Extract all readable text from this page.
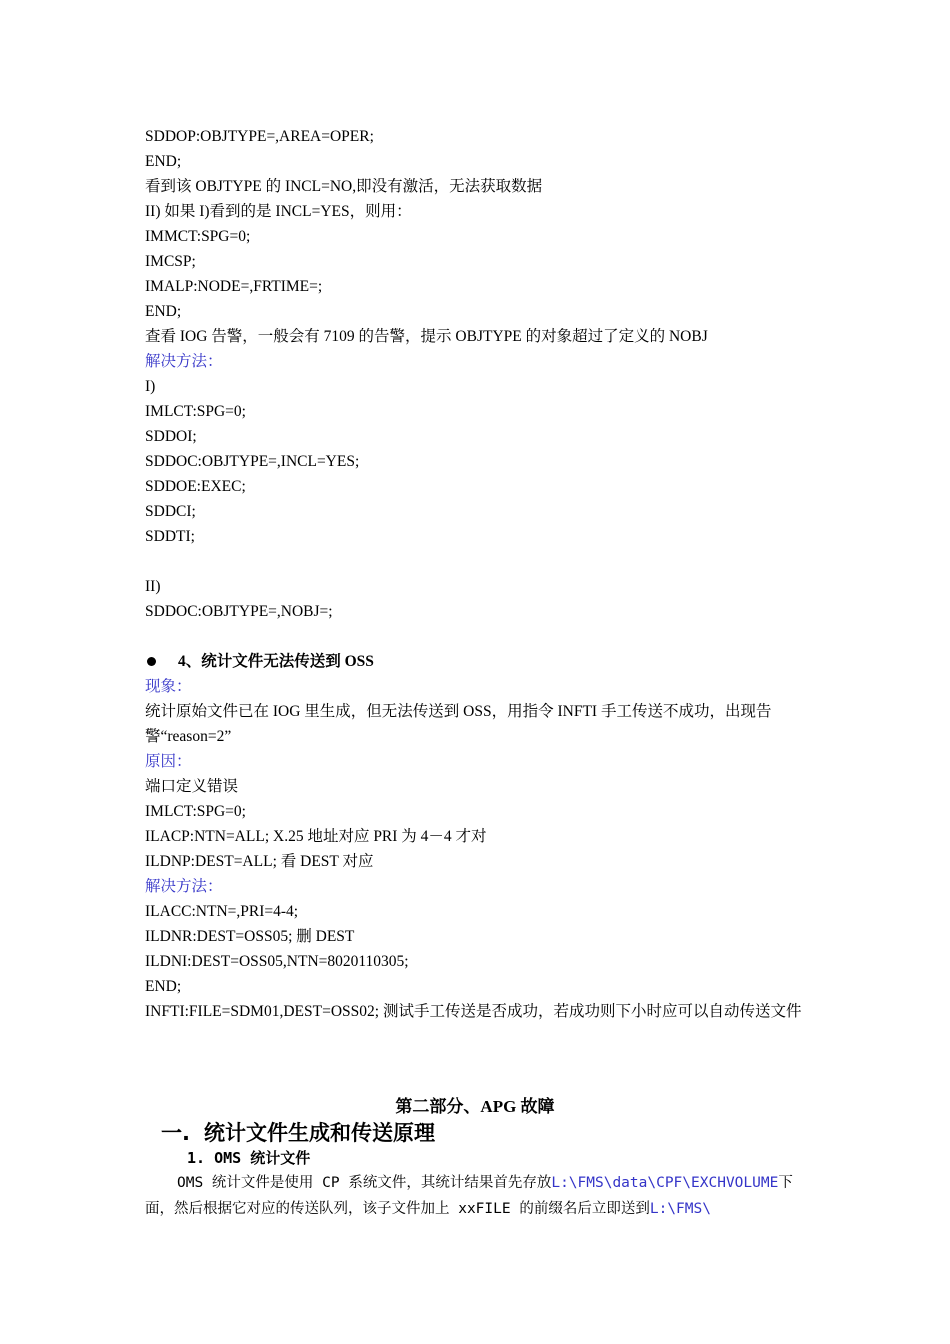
SDDOP:OBJTYPE=,AREA=OPER;
END;
看到该 OBJTYPE 的 INCL=NO,即没有激活，无法获取数据
II) 如果 I)看到的是 INCL=YES，则用：
IMMCT:SPG=0;
IMCSP;
IMALP:NODE=,FRTIME=;
END;
查看 IOG 告警，一般会有 7109 的告警，提示 OBJTYPE 的对象超过了定义的 NOBJ
解决方法：
I)
IMLCT:SPG=0;
SDDOI;
SDDOC:OBJTYPE=,INCL=YES;
SDDOE:EXEC;
SDDCI;
SDDTI;

II)
SDDOC:OBJTYPE=,NOBJ=;

4、统计文件无法传送到 OSS
现象：
统计原始文件已在 IOG 里生成，但无法传送到 OSS，用指令 INFTI 手工传送不成功，出现告警“reason=2”
原因：
端口定义错误
IMLCT:SPG=0;
ILACP:NTN=ALL; X.25 地址对应 PRI 为 4－4 才对
ILDNP:DEST=ALL; 看 DEST 对应
解决方法：
ILACC:NTN=,PRI=4-4;
ILDNR:DEST=OSS05; 删 DEST
ILDNI:DEST=OSS05,NTN=8020110305;
END;
INFTI:FILE=SDM01,DEST=OSS02; 测试手工传送是否成功，若成功则下小时应可以自动传送文件
第二部分、APG 故障
一. 统计文件生成和传送原理
1. OMS 统计文件
OMS 统计文件是使用 CP 系统文件，其统计结果首先存放L:\FMS\data\CPF\EXCHVOLUME下面，然后根据它对应的传送队列，该子文件加上 xxFILE 的前缀名后立即送到L:\FMS\
